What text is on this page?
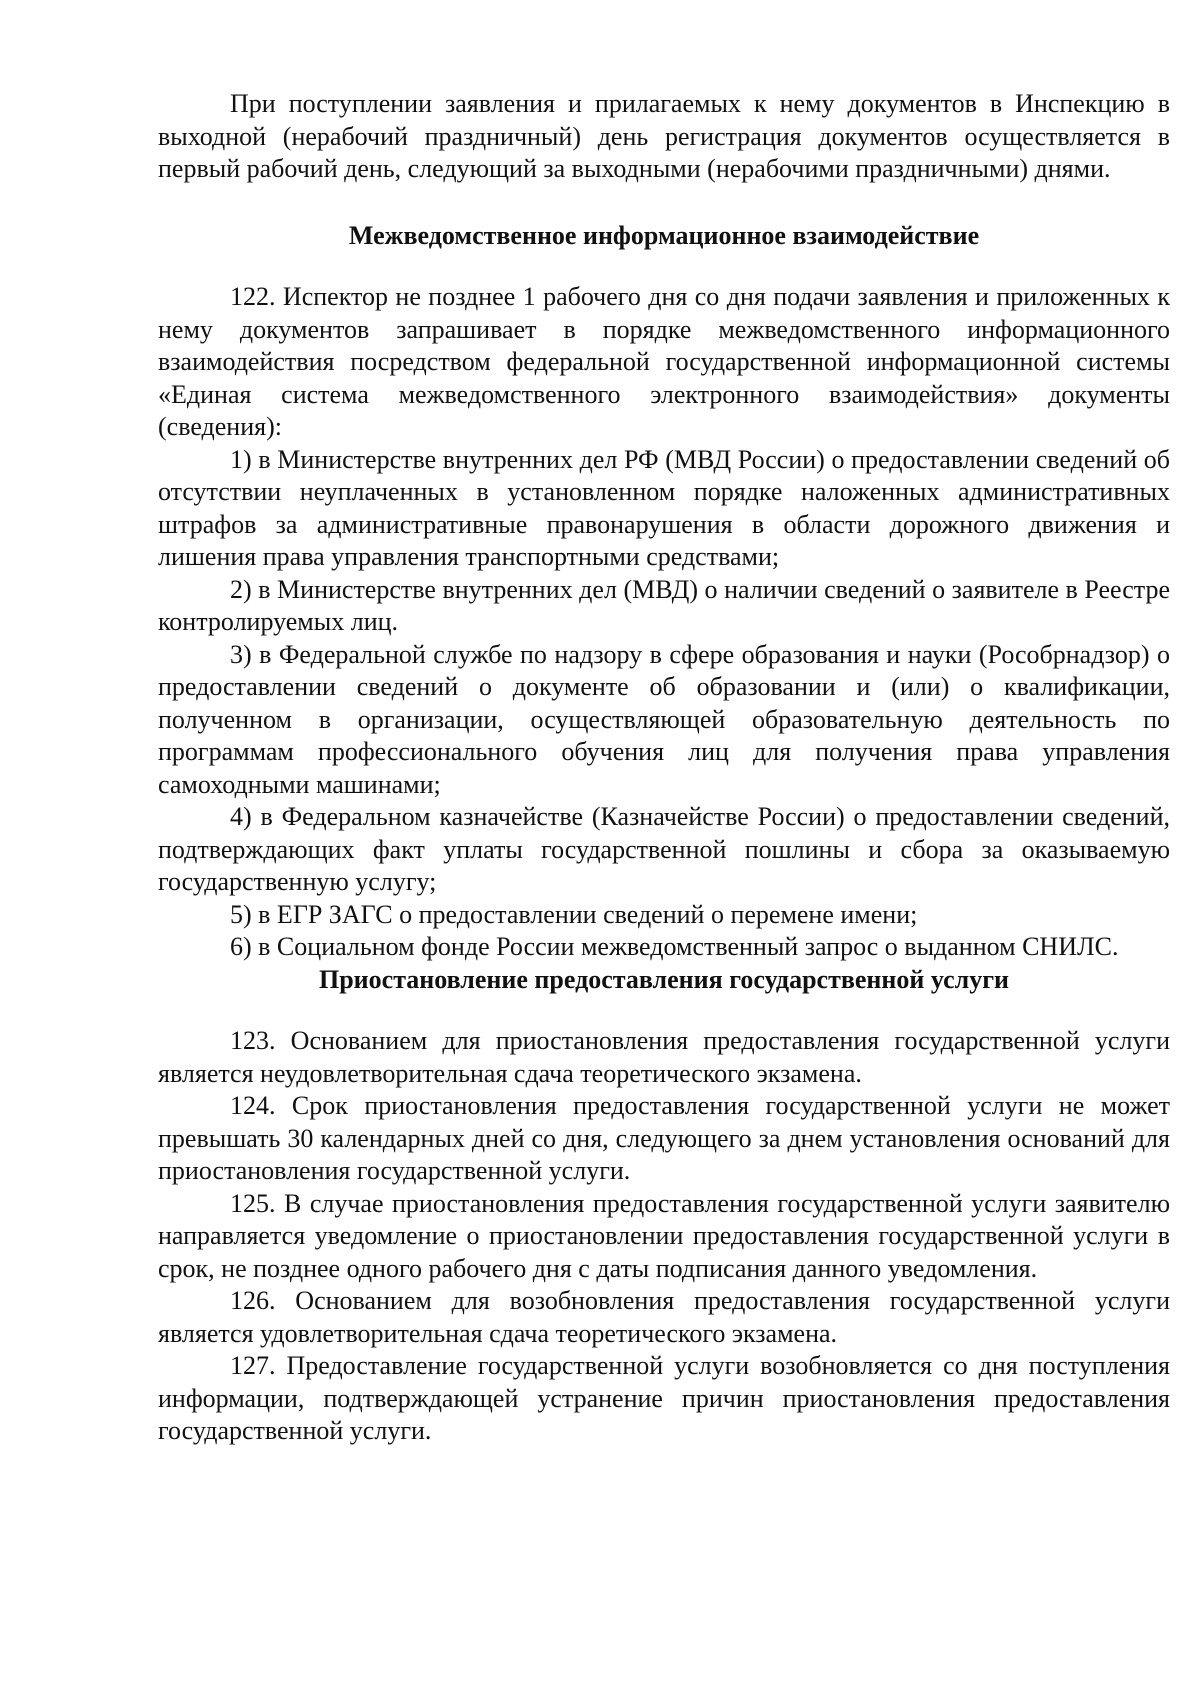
При поступлении заявления и прилагаемых к нему документов в Инспекцию в выходной (нерабочий праздничный) день регистрация документов осуществляется в первый рабочий день, следующий за выходными (нерабочими праздничными) днями.

Межведомственное информационное взаимодействие

122. Испектор не позднее 1 рабочего дня со дня подачи заявления и приложенных к нему документов запрашивает в порядке межведомственного информационного взаимодействия посредством федеральной государственной информационной системы «Единая система межведомственного электронного взаимодействия» документы (сведения):

1) в Министерстве внутренних дел РФ (МВД России) о предоставлении сведений об отсутствии неуплаченных в установленном порядке наложенных административных штрафов за административные правонарушения в области дорожного движения и лишения права управления транспортными средствами;

2) в Министерстве внутренних дел (МВД) о наличии сведений о заявителе в Реестре контролируемых лиц.

3) в Федеральной службе по надзору в сфере образования и науки (Рособрнадзор) о предоставлении сведений о документе об образовании и (или) о квалификации, полученном в организации, осуществляющей образовательную деятельность по программам профессионального обучения лиц для получения права управления самоходными машинами;

4) в Федеральном казначействе (Казначействе России) о предоставлении сведений, подтверждающих факт уплаты государственной пошлины и сбора за оказываемую государственную услугу;

5) в ЕГР ЗАГС о предоставлении сведений о перемене имени;

6) в Социальном фонде России межведомственный запрос о выданном СНИЛС.

Приостановление предоставления государственной услуги

123. Основанием для приостановления предоставления государственной услуги является неудовлетворительная сдача теоретического экзамена.

124. Срок приостановления предоставления государственной услуги не может превышать 30 календарных дней со дня, следующего за днем установления оснований для приостановления государственной услуги.

125. В случае приостановления предоставления государственной услуги заявителю направляется уведомление о приостановлении предоставления государственной услуги в срок, не позднее одного рабочего дня с даты подписания данного уведомления.

126. Основанием для возобновления предоставления государственной услуги является удовлетворительная сдача теоретического экзамена.

127. Предоставление государственной услуги возобновляется со дня поступления информации, подтверждающей устранение причин приостановления предоставления государственной услуги.
